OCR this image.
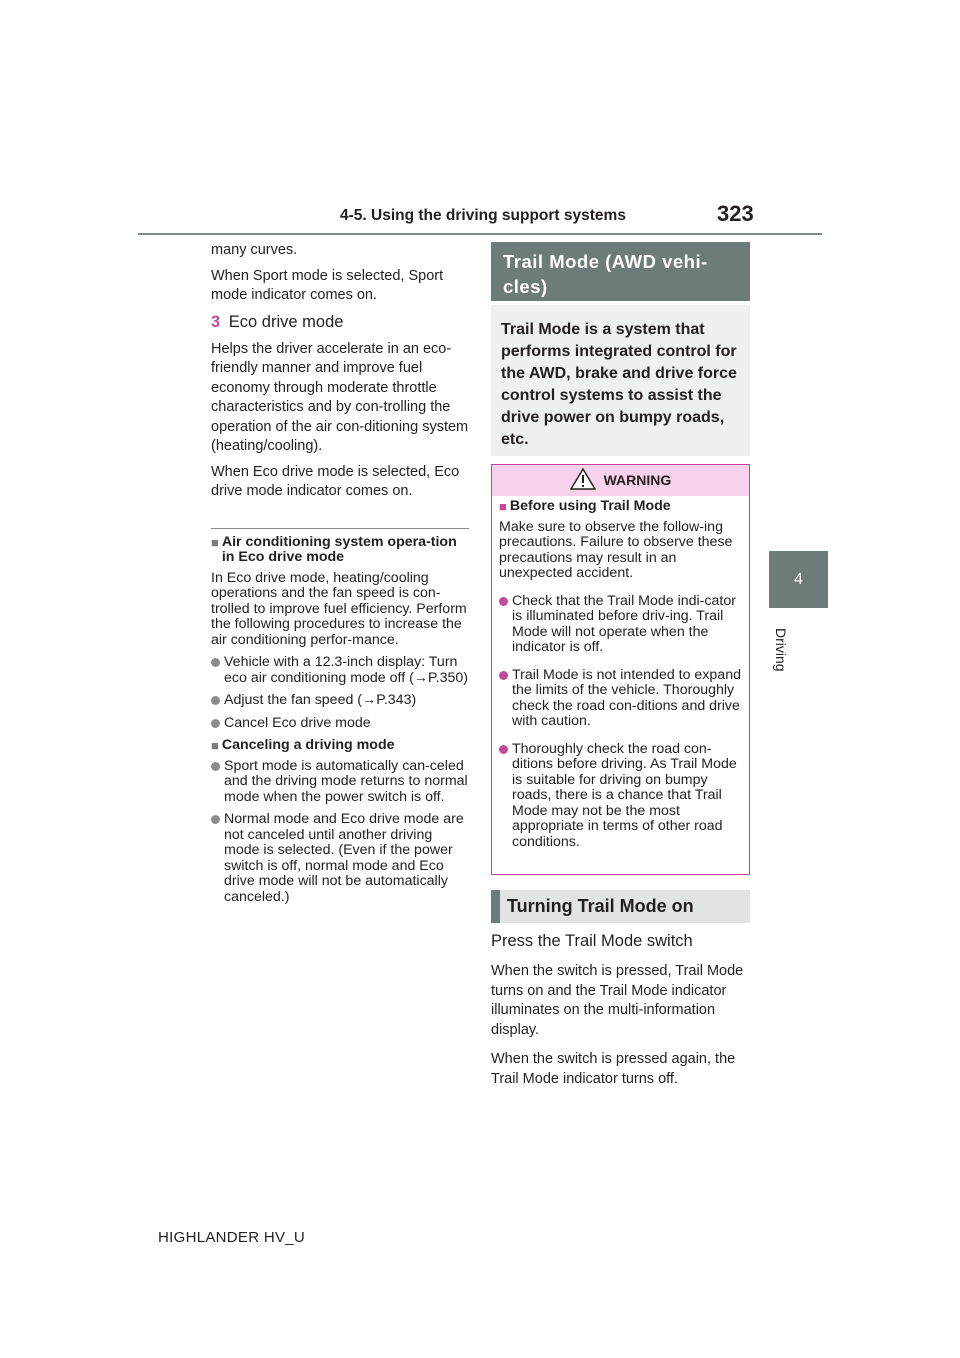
4-5. Using the driving support systems	323
4
Driving

many curves.

When Sport mode is selected, Sport mode indicator comes on.

3 Eco drive mode

Helps the driver accelerate in an eco-friendly manner and improve fuel economy through moderate throttle characteristics and by con-trolling the operation of the air con-ditioning system (heating/cooling).

When Eco drive mode is selected, Eco drive mode indicator comes on.

■ Air conditioning system opera-tion in Eco drive mode

In Eco drive mode, heating/cooling operations and the fan speed is con-trolled to improve fuel efficiency. Perform the following procedures to increase the air conditioning perfor-mance.

Vehicle with a 12.3-inch display: Turn eco air conditioning mode off (→P.350)
Adjust the fan speed (→P.343)
Cancel Eco drive mode
■ Canceling a driving mode
Sport mode is automatically can-celed and the driving mode returns to normal mode when the power switch is off.
Normal mode and Eco drive mode are not canceled until another driving mode is selected. (Even if the power switch is off, normal mode and Eco drive mode will not be automatically canceled.)
Trail Mode (AWD vehi-cles)
Trail Mode is a system that performs integrated control for the AWD, brake and drive force control systems to assist the drive power on bumpy roads, etc.
WARNING
■ Before using Trail Mode

Make sure to observe the follow-ing precautions. Failure to observe these precautions may result in an unexpected accident.

Check that the Trail Mode indi-cator is illuminated before driv-ing. Trail Mode will not operate when the indicator is off.
Trail Mode is not intended to expand the limits of the vehicle. Thoroughly check the road con-ditions and drive with caution.
Thoroughly check the road con-ditions before driving. As Trail Mode is suitable for driving on bumpy roads, there is a chance that Trail Mode may not be the most appropriate in terms of other road conditions.
Turning Trail Mode on

Press the Trail Mode switch

When the switch is pressed, Trail Mode turns on and the Trail Mode indicator illuminates on the multi-information display.

When the switch is pressed again, the Trail Mode indicator turns off.

HIGHLANDER HV_U
